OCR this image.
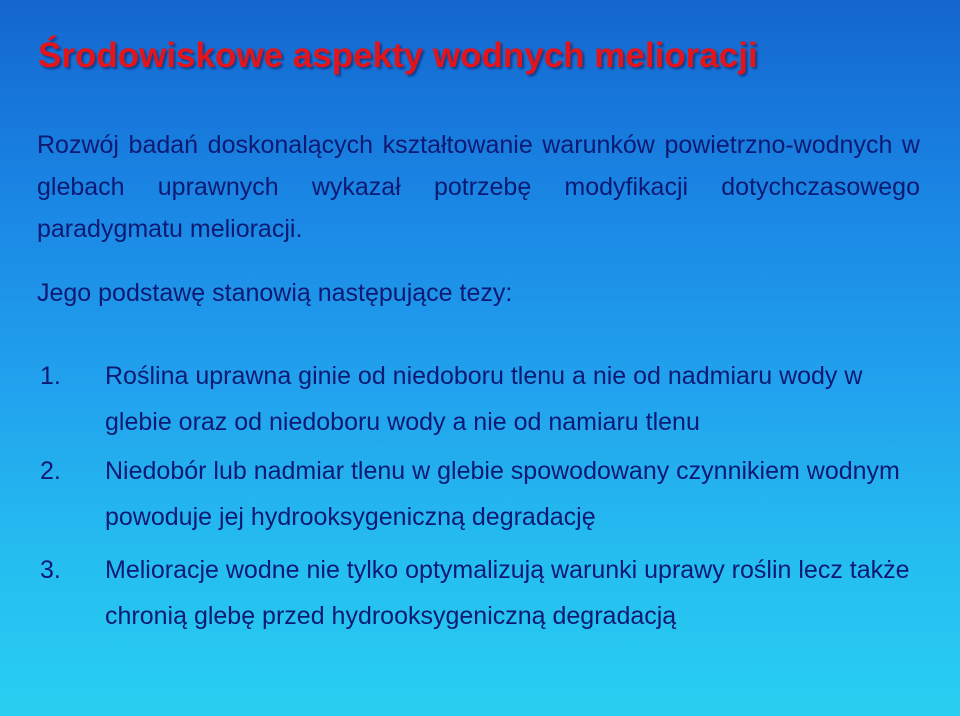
Środowiskowe aspekty wodnych melioracji

Rozwój badań doskonalących kształtowanie warunków powietrzno-wodnych w glebach uprawnych wykazał potrzebę modyfikacji dotychczasowego paradygmatu melioracji.

Jego podstawę stanowią następujące tezy:

1. Roślina uprawna ginie od niedoboru tlenu a nie od nadmiaru wody w glebie oraz od niedoboru wody a nie od namiaru tlenu
2. Niedobór lub nadmiar tlenu w glebie spowodowany czynnikiem wodnym powoduje jej hydrooksygeniczną degradację
3. Melioracje wodne nie tylko optymalizują warunki uprawy roślin lecz także chronią glebę przed hydrooksygeniczną degradacją
